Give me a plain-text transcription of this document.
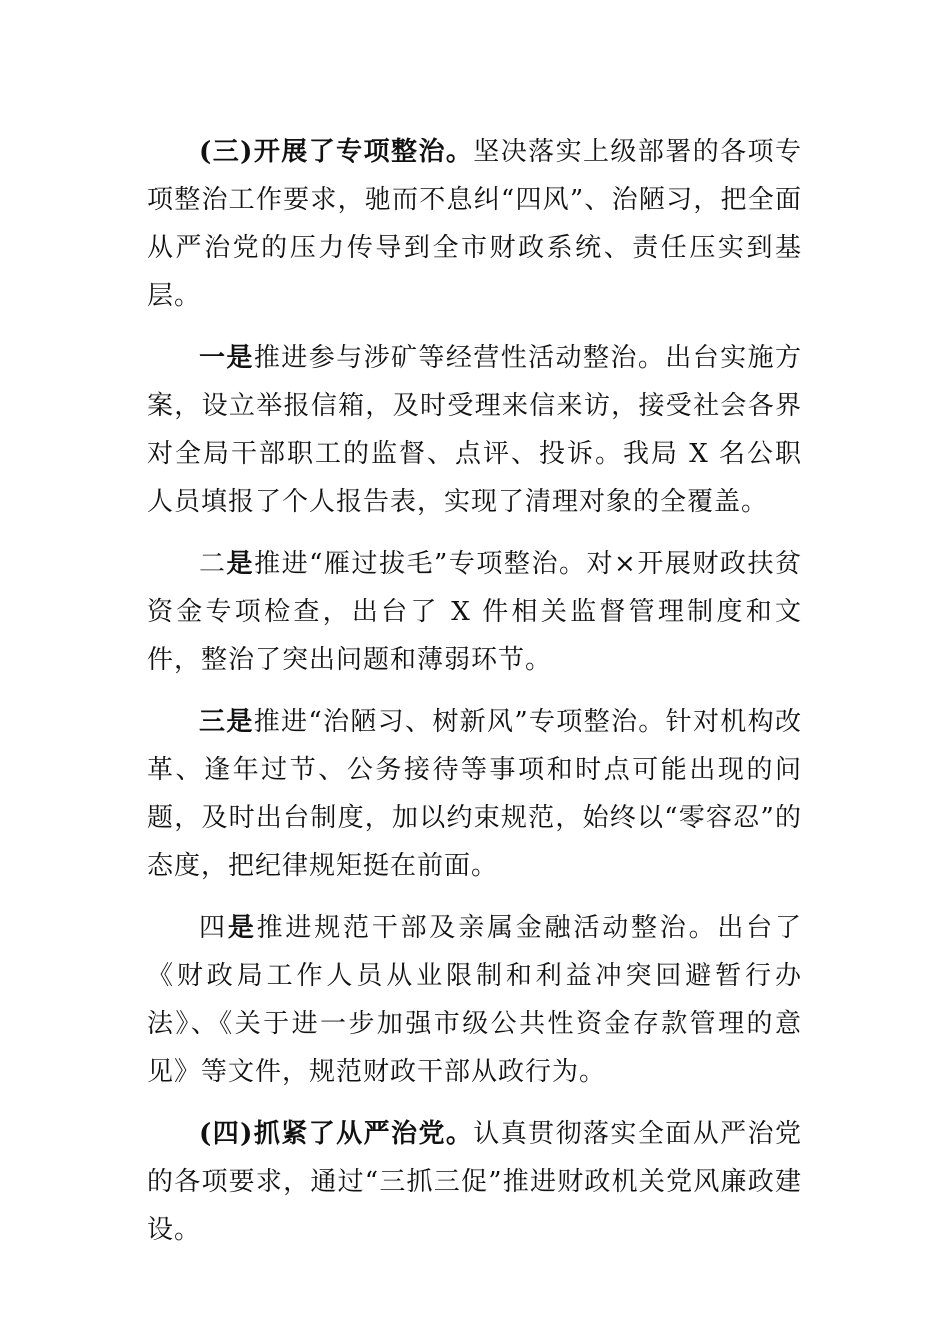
(三)开展了专项整治。坚决落实上级部署的各项专项整治工作要求，驰而不息纠“四风”、治陋习，把全面从严治党的压力传导到全市财政系统、责任压实到基层。

一是推进参与涉矿等经营性活动整治。出台实施方案，设立举报信箱，及时受理来信来访，接受社会各界对全局干部职工的监督、点评、投诉。我局 X 名公职人员填报了个人报告表，实现了清理对象的全覆盖。

二是推进“雁过拔毛”专项整治。对×开展财政扶贫资金专项检查，出台了 X 件相关监督管理制度和文件，整治了突出问题和薄弱环节。

三是推进“治陋习、树新风”专项整治。针对机构改革、逢年过节、公务接待等事项和时点可能出现的问题，及时出台制度，加以约束规范，始终以“零容忍”的态度，把纪律规矩挺在前面。

四是推进规范干部及亲属金融活动整治。出台了《财政局工作人员从业限制和利益冲突回避暂行办法》、《关于进一步加强市级公共性资金存款管理的意见》等文件，规范财政干部从政行为。

(四)抓紧了从严治党。认真贯彻落实全面从严治党的各项要求，通过“三抓三促”推进财政机关党风廉政建设。
